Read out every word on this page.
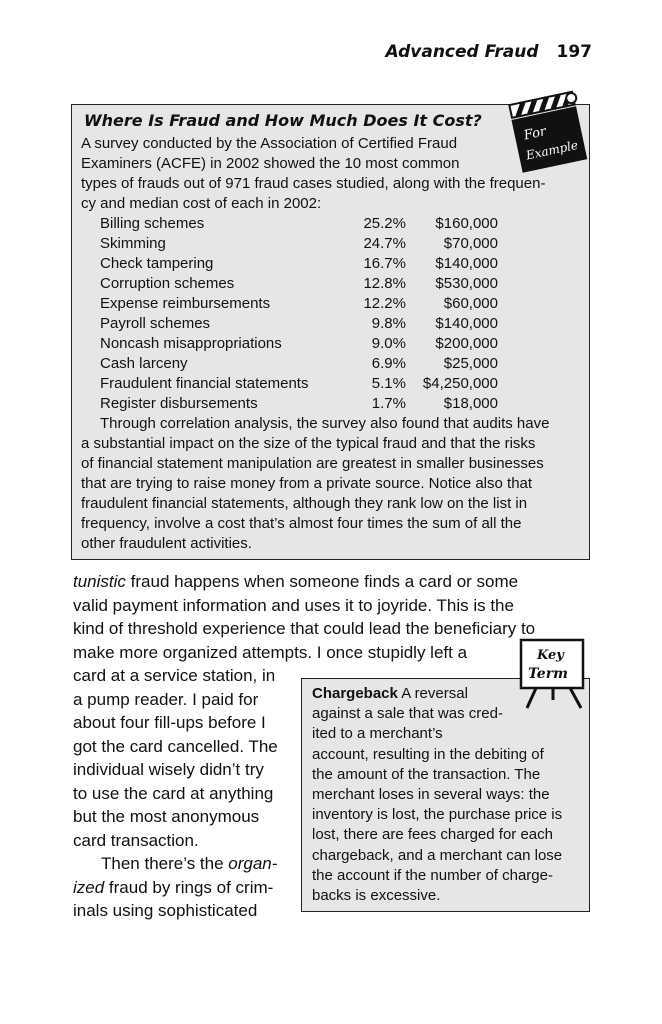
Advanced Fraud 197
Where Is Fraud and How Much Does It Cost?
A survey conducted by the Association of Certified Fraud
Examiners (ACFE) in 2002 showed the 10 most common
types of frauds out of 971 fraud cases studied, along with the frequen-
cy and median cost of each in 2002:
Billing schemes	25.2%	$160,000
Skimming	24.7%	$70,000
Check tampering	16.7%	$140,000
Corruption schemes	12.8%	$530,000
Expense reimbursements	12.2%	$60,000
Payroll schemes	9.8%	$140,000
Noncash misappropriations	9.0%	$200,000
Cash larceny	6.9%	$25,000
Fraudulent financial statements	5.1%	$4,250,000
Register disbursements	1.7%	$18,000
Through correlation analysis, the survey also found that audits have
a substantial impact on the size of the typical fraud and that the risks
of financial statement manipulation are greatest in smaller businesses
that are trying to raise money from a private source. Notice also that
fraudulent financial statements, although they rank low on the list in
frequency, involve a cost that’s almost four times the sum of all the
other fraudulent activities.
For
Example
tunistic fraud happens when someone finds a card or some
valid payment information and uses it to joyride. This is the
kind of threshold experience that could lead the beneficiary to
make more organized attempts. I once stupidly left a
card at a service station, in
a pump reader. I paid for
about four fill-ups before I
got the card cancelled. The
individual wisely didn’t try
to use the card at anything
but the most anonymous
card transaction.
Then there’s the organ-
ized fraud by rings of crim-
inals using sophisticated
Chargeback A reversal
against a sale that was cred-
ited to a merchant’s
account, resulting in the debiting of
the amount of the transaction. The
merchant loses in several ways: the
inventory is lost, the purchase price is
lost, there are fees charged for each
chargeback, and a merchant can lose
the account if the number of charge-
backs is excessive.
Key
Term
